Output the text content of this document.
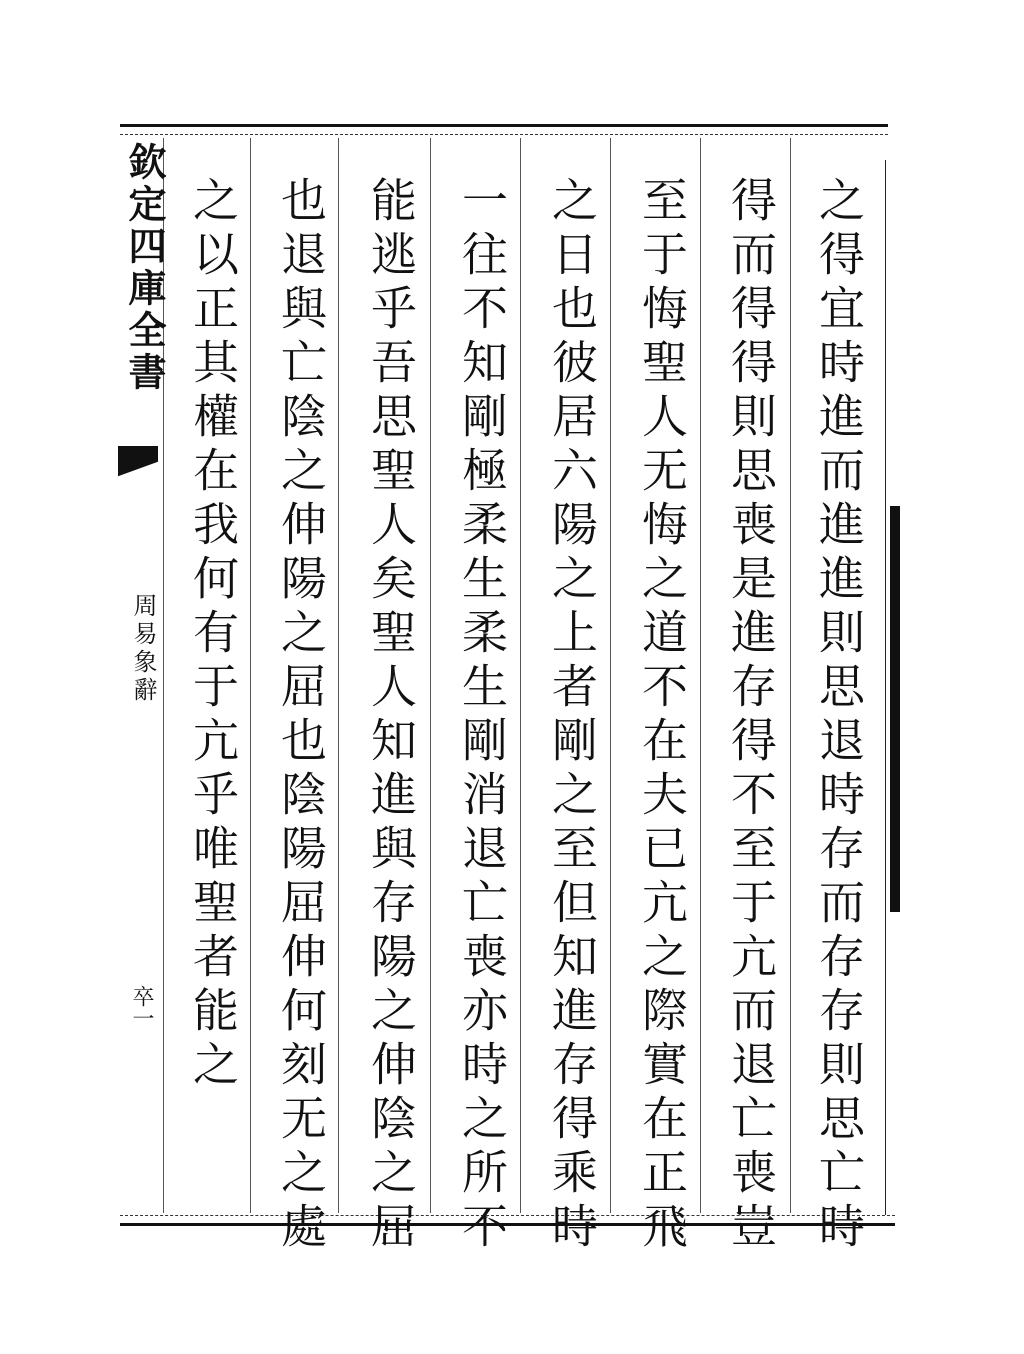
欽定四庫全書
周易象辭
卒一	之得宜時進而進進則思退時存而存存則思亡時
得而得得則思喪是進存得不至于亢而退亡喪豈
至于悔聖人无悔之道不在夫已亢之際實在正飛
之日也彼居六陽之上者剛之至但知進存得乘時
一往不知剛極柔生柔生剛消退亡喪亦時之所不
能逃乎吾思聖人矣聖人知進與存陽之伸陰之屈
也退與亡陰之伸陽之屈也陰陽屈伸何刻无之處
之以正其權在我何有于亢乎唯聖者能之
